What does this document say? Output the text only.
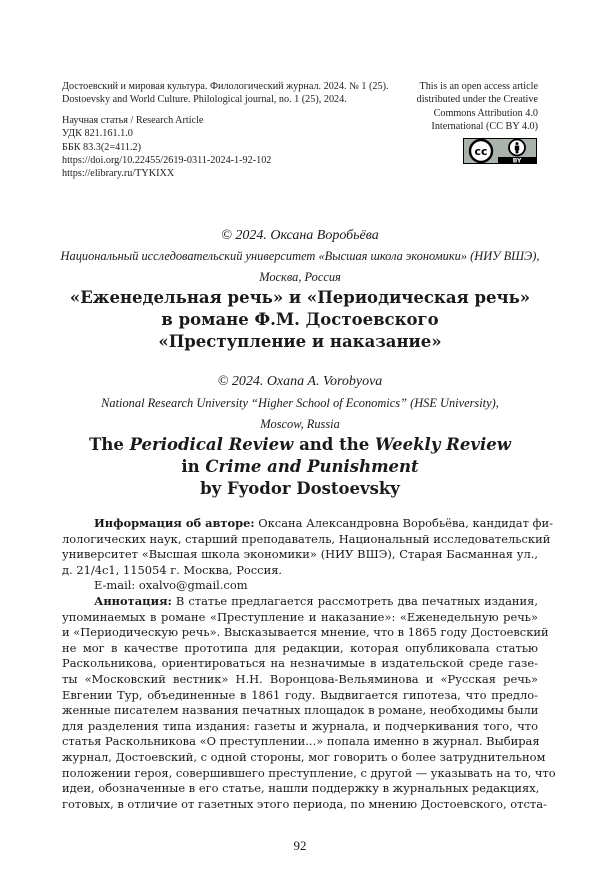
Достоевский и мировая культура. Филологический журнал. 2024. № 1 (25).
Dostoevsky and World Culture. Philological journal, no. 1 (25), 2024.
Научная статья / Research Article
УДК 821.161.1.0
ББК 83.3(2=411.2)
https://doi.org/10.22455/2619-0311-2024-1-92-102
https://elibrary.ru/TYKIXX
This is an open access article
distributed under the Creative
Commons Attribution 4.0
International (CC BY 4.0)
BY
cc
© 2024. Оксана Воробьёва
Национальный исследовательский университет «Высшая школа экономики» (НИУ ВШЭ),
Москва, Россия
«Еженедельная речь» и «Периодическая речь»
в романе Ф.М. Достоевского
«Преступление и наказание»
© 2024. Oxana A. Vorobyova
National Research University “Higher School of Economics” (HSE University),
Moscow, Russia
The Periodical Review and the Weekly Review
in Crime and Punishment
by Fyodor Dostoevsky
Информация об авторе: Оксана Александровна Воробьёва, кандидат фи-
лологических наук, старший преподаватель, Национальный исследовательский
университет «Высшая школа экономики» (НИУ ВШЭ), Старая Басманная ул.,
д. 21/4с1, 115054 г. Москва, Россия.
E-mail: oxalvo@gmail.com
Аннотация: В статье предлагается рассмотреть два печатных издания,
упоминаемых в романе «Преступление и наказание»: «Еженедельную речь»
и «Периодическую речь». Высказывается мнение, что в 1865 году Достоевский
не мог в качестве прототипа для редакции, которая опубликовала статью
Раскольникова, ориентироваться на незначимые в издательской среде газе-
ты «Московский вестник» Н.Н. Воронцова-Вельяминова и «Русская речь»
Евгении Тур, объединенные в 1861 году. Выдвигается гипотеза, что предло-
женные писателем названия печатных площадок в романе, необходимы были
для разделения типа издания: газеты и журнала, и подчеркивания того, что
статья Раскольникова «О преступлении...» попала именно в журнал. Выбирая
журнал, Достоевский, с одной стороны, мог говорить о более затруднительном
положении героя, совершившего преступление, с другой — указывать на то, что
идеи, обозначенные в его статье, нашли поддержку в журнальных редакциях,
готовых, в отличие от газетных этого периода, по мнению Достоевского, отста-
92
